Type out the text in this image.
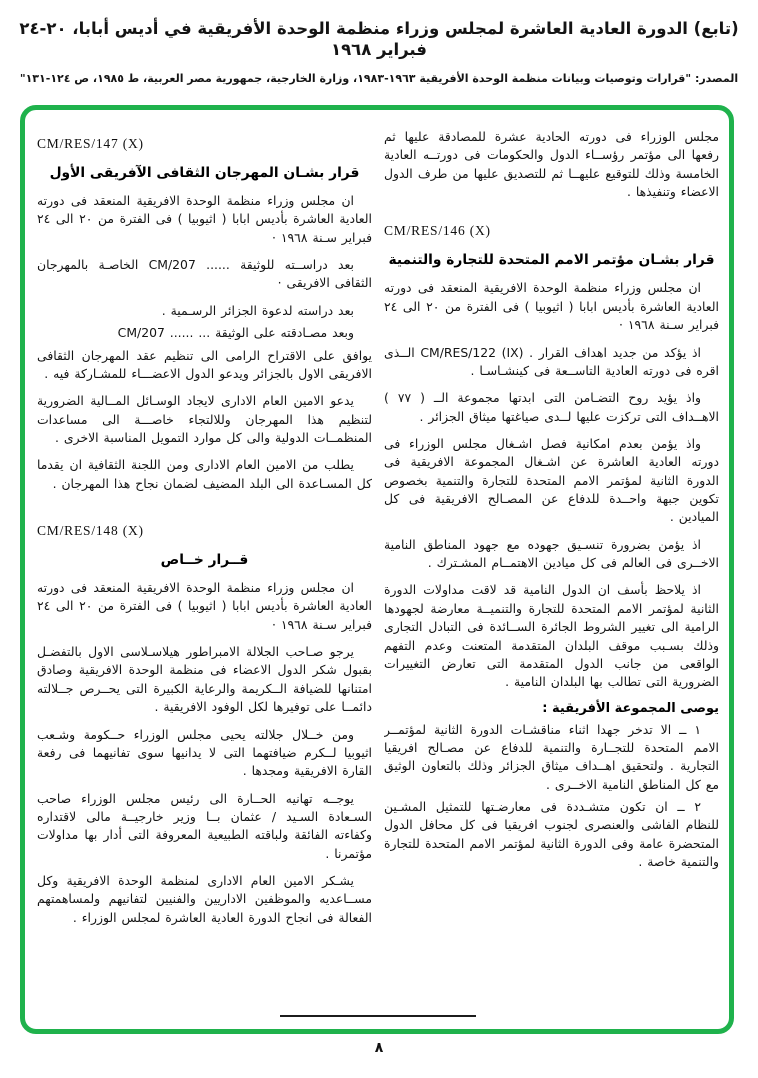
(تابع) الدورة العادية العاشرة لمجلس وزراء منظمة الوحدة الأفريقية في أديس أبابا، ٢٠-٢٤ فبراير ١٩٦٨
المصدر: "قرارات وتوصيات وبيانات منظمة الوحدة الأفريقية ١٩٦٣-١٩٨٣، وزارة الخارجية، جمهورية مصر العربية، ط ١٩٨٥، ص ١٢٤-١٣١"

مجلس الوزراء فى دورته الحادية عشرة للمصادقة عليها ثم رفعها الى مؤتمر رؤســاء الدول والحكومات فى دورتــه العادية الخامسة وذلك للتوقيع عليهــا ثم للتصديق عليها من طرف الدول الاعضاء وتنفيذها .

CM/RES/146 (X)
قرار بشـان مؤتمر الامم المتحدة للتجارة والتنمية

ان مجلس وزراء منظمة الوحدة الافريقية المنعقد فى دورته العادية العاشرة بأديس ابابا ( اثيوبيا ) فى الفترة من ٢٠ الى ٢٤ فبراير سـنة ١٩٦٨ ·

اذ يؤكد من جديد اهداف القرار . CM/RES/122 (IX) الــذى اقره فى دورته العادية التاســعة فى كينشـاسـا .

واذ يؤيد روح التضـامن التى ابدتها مجموعة الــ ( ٧٧ ) الاهــداف التى تركزت عليها لــدى صياغتها ميثاق الجزائر .

واذ يؤمن بعدم امكانية فصل اشـغال مجلس الوزراء فى دورته العادية العاشرة عن اشـغال المجموعة الافريقية فى الدورة الثانية لمؤتمر الامم المتحدة للتجارة والتنمية بخصوص تكوين جبهة واحــدة للدفاع عن المصـالح الافريقية فى كل الميادين .

اذ يؤمن بضرورة تنسـيق جهوده مع جهود المناطق النامية الاخــرى فى العالم فى كل ميادين الاهتمــام المشـترك .

اذ يلاحظ بأسف ان الدول النامية قد لاقت مداولات الدورة الثانية لمؤتمر الامم المتحدة للتجارة والتنميــة معارضة لجهودها الرامية الى تغيير الشروط الجائرة الســائدة فى التبادل التجارى وذلك بسـبب موقف البلدان المتقدمة المتعنت وعدم التفهم الواقعى من جانب الدول المتقدمة التى تعارض التغييرات الضرورية التى تطالب بها البلدان النامية .

يوصى المجموعة الأفريقية :

١ ــ الا تدخر جهدا اثناء مناقشـات الدورة الثانية لمؤتمــر الامم المتحدة للتجــارة والتنمية للدفاع عن مصـالح افريقيا التجارية . ولتحقيق اهــداف ميثاق الجزائر وذلك بالتعاون الوثيق مع كل المناطق النامية الاخــرى .

٢ ــ ان تكون متشـددة فى معارضـتها للتمثيل المشـين للنظام الفاشى والعنصرى لجنوب افريقيا فى كل محافل الدول المتحضرة عامة وفى الدورة الثانية لمؤتمر الامم المتحدة للتجارة والتنمية خاصة .

CM/RES/147 (X)
قرار بشـان المهرجان الثقافى الآفريقى الأول

ان مجلس وزراء منظمة الوحدة الافريقية المنعقد فى دورته العادية العاشرة بأديس ابابا ( اثيوبيا ) فى الفترة من ٢٠ الى ٢٤ فبراير سـنة ١٩٦٨ ·

بعد دراســته للوثيقة ...... CM/207 الخاصـة بالمهرجان الثقافى الافريقى ·

بعد دراسته لدعوة الجزائر الرسـمية .

وبعد مصـادقته على الوثيقة ... ...... CM/207

يوافق على الاقتراح الرامى الى تنظيم عقد المهرجان الثقافى الافريقى الاول بالجزائر ويدعو الدول الاعضـــاء للمشـاركة فيه .

يدعو الامين العام الادارى لايجاد الوسـائل المــالية الضرورية لتنظيم هذا المهرجان وللالتجاء خاصـــة الى مساعدات المنظمــات الدولية والى كل موارد التمويل المناسبة الاخرى .

يطلب من الامين العام الادارى ومن اللجنة الثقافية ان يقدما كل المسـاعدة الى البلد المضيف لضمان نجاح هذا المهرجان .

CM/RES/148 (X)
قــرار خــاص

ان مجلس وزراء منظمة الوحدة الافريقية المنعقد فى دورته العادية العاشرة بأديس ابابا ( اثيوبيا ) فى الفترة من ٢٠ الى ٢٤ فبراير سـنة ١٩٦٨ ·

يرجو صـاحب الجلالة الامبراطور هيلاسـلاسى الاول بالتفضـل بقبول شكر الدول الاعضاء فى منظمة الوحدة الافريقية وصادق امتنانها للضيافة الــكريمة والرعاية الكبيرة التى يحــرص جــلالته دائمــا على توفيرها لكل الوفود الافريقية .

ومن خــلال جلالته يحيى مجلس الوزراء حــكومة وشـعب اثيوبيا لــكرم ضيافتهما التى لا يدانيها سوى تفانيهما فى رفعة القارة الافريقية ومجدها .

يوجــه تهانيه الحــارة الى رئيس مجلس الوزراء صاحب السـعادة السـيد / عثمان بــا وزير خارجيــة مالى لاقتداره وكفاءته الفائقة ولباقته الطبيعية المعروفة التى أدار بها مداولات مؤتمرنا .

يشـكر الامين العام الادارى لمنظمة الوحدة الافريقية وكل مســاعديه والموظفين الاداريين والفنيين لتفانيهم ولمساهمتهم الفعالة فى انجاح الدورة العادية العاشرة لمجلس الوزراء .

٨
